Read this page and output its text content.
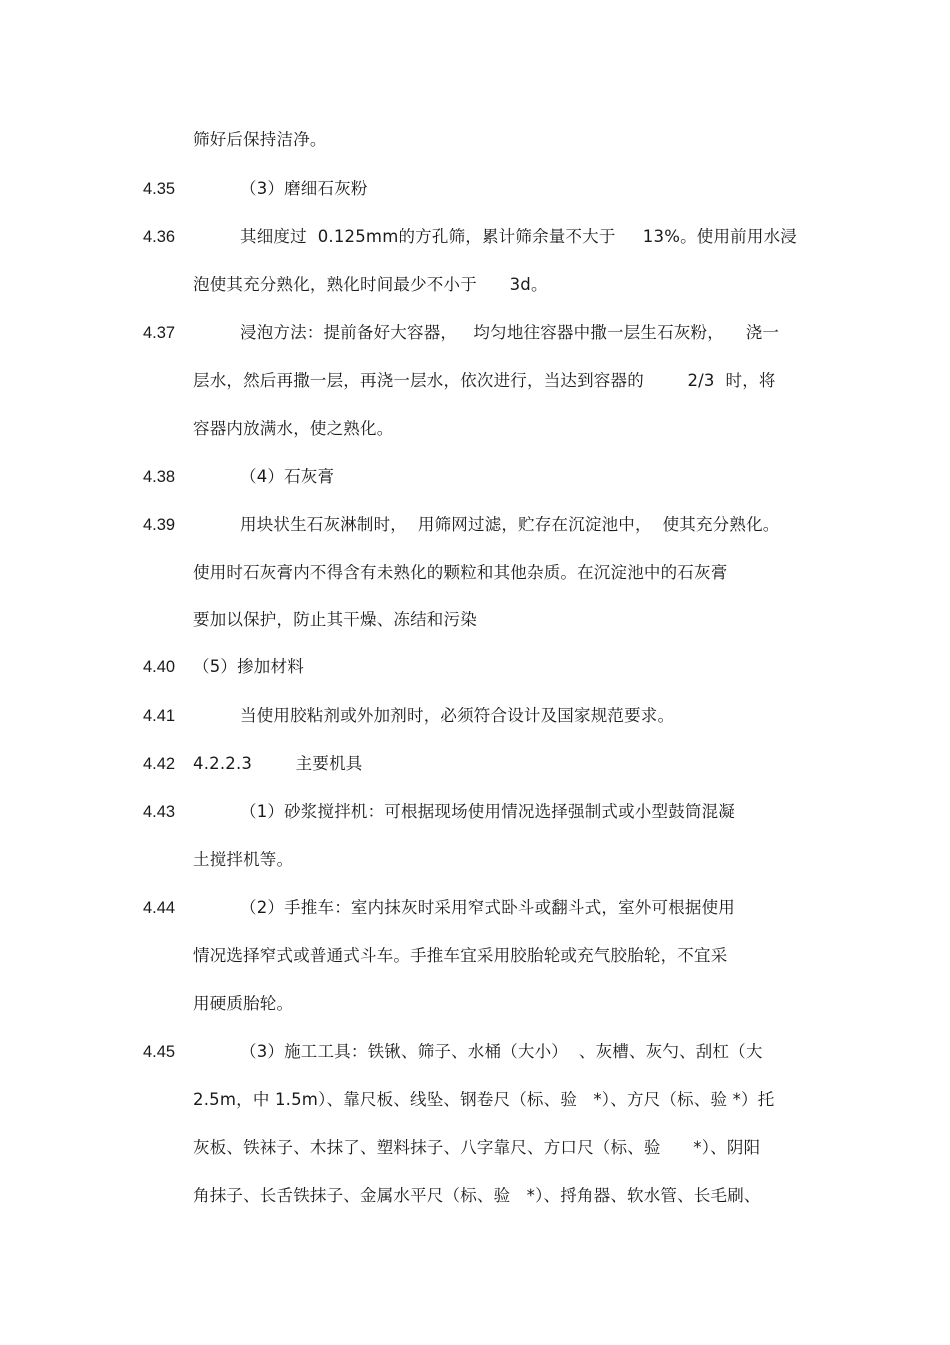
筛好后保持洁净。
4.35	（3）磨细石灰粉
4.36	其细度过  0.125mm的方孔筛，累计筛余量不大于     13%。使用前用水浸
泡使其充分熟化，熟化时间最少不小于      3d。
4.37	浸泡方法：提前备好大容器，   均匀地往容器中撒一层生石灰粉，    浇一
层水，然后再撒一层，再浇一层水，依次进行，当达到容器的        2/3  时，将
容器内放满水，使之熟化。
4.38	（4）石灰膏
4.39	用块状生石灰淋制时，  用筛网过滤，贮存在沉淀池中，  使其充分熟化。
使用时石灰膏内不得含有未熟化的颗粒和其他杂质。在沉淀池中的石灰膏
要加以保护，防止其干燥、冻结和污染
4.40 （5）掺加材料
4.41	当使用胶粘剂或外加剂时，必须符合设计及国家规范要求。
4.42 4.2.2.3        主要机具
4.43	（1）砂浆搅拌机：可根据现场使用情况选择强制式或小型鼓筒混凝
土搅拌机等。
4.44	（2）手推车：室内抹灰时采用窄式卧斗或翻斗式，室外可根据使用
情况选择窄式或普通式斗车。手推车宜采用胶胎轮或充气胶胎轮，不宜采
用硬质胎轮。
4.45	（3）施工工具：铁锹、筛子、水桶（大小）  、灰槽、灰勺、刮杠（大
2.5m，中 1.5m）、靠尺板、线坠、钢卷尺（标、验   *）、方尺（标、验 *）托
灰板、铁袜子、木抹了、塑料抹子、八字靠尺、方口尺（标、验      *）、阴阳
角抹子、长舌铁抹子、金属水平尺（标、验   *）、捋角器、软水管、长毛刷、
